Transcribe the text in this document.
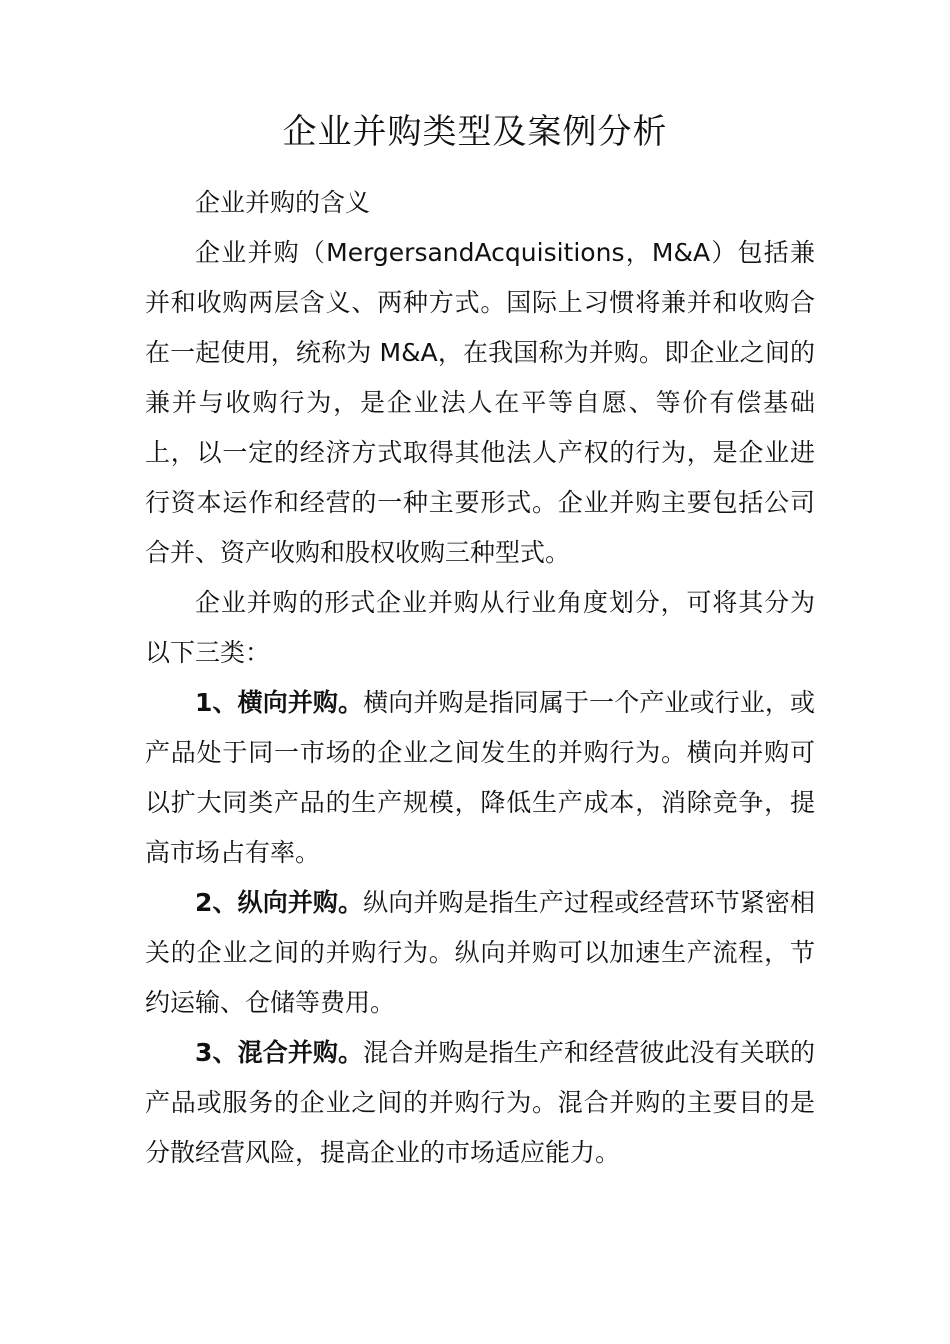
企业并购类型及案例分析

企业并购的含义

企业并购（MergersandAcquisitions，M&A）包括兼并和收购两层含义、两种方式。国际上习惯将兼并和收购合在一起使用，统称为 M&A，在我国称为并购。即企业之间的兼并与收购行为，是企业法人在平等自愿、等价有偿基础上，以一定的经济方式取得其他法人产权的行为，是企业进行资本运作和经营的一种主要形式。企业并购主要包括公司合并、资产收购和股权收购三种型式。

企业并购的形式企业并购从行业角度划分，可将其分为以下三类：

1、横向并购。横向并购是指同属于一个产业或行业，或产品处于同一市场的企业之间发生的并购行为。横向并购可以扩大同类产品的生产规模，降低生产成本，消除竞争，提高市场占有率。

2、纵向并购。纵向并购是指生产过程或经营环节紧密相关的企业之间的并购行为。纵向并购可以加速生产流程，节约运输、仓储等费用。

3、混合并购。混合并购是指生产和经营彼此没有关联的产品或服务的企业之间的并购行为。混合并购的主要目的是分散经营风险，提高企业的市场适应能力。
